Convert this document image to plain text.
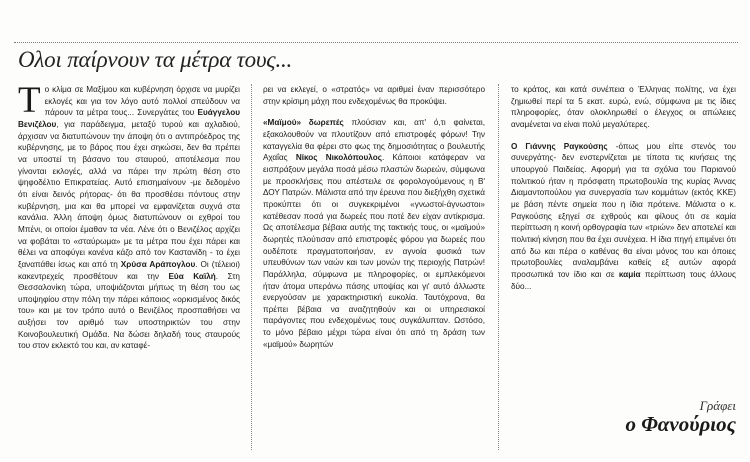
Ολοι παίρνουν τα μέτρα τους...

Το κλίμα σε Μαξίμου και κυβέρνηση όρχισε να μυρίζει εκλογές και για τον λόγο αυτό πολλοί σπεύδουν να πάρουν τα μέτρα τους... Συνεργάτες του Ευάγγελου Βενιζέλου, για παράδειγμα, μεταξύ τυρού και αχλαδιού, άρχισαν να διατυπώνουν την άποψη ότι ο αντιπρόεδρος της κυβέρνησης, με το βάρος που έχει σηκώσει, δεν θα πρέπει να υποστεί τη βάσανο του σταυρού, αποτέλεσμα που γίνονται εκλογές, αλλά να πάρει την πρώτη θέση στο ψηφοδέλτιο Επικρατείας. Αυτό επισημαίνουν -με δεδομένο ότι είναι δεινός ρήτορας- ότι θα προσθέσει πόντους στην κυβέρνηση, μια και θα μπορεί να εμφανίζεται συχνά στα κανάλια. Άλλη άποψη όμως διατυπώνουν οι εχθροί του Μπένι, οι οποίοι έμαθαν τα νέα. Λένε ότι ο Βενιζέλος αρχίζει να φοβάται το «σταύρωμα» με τα μέτρα που έχει πάρει και θέλει να αποφύγει κανένα κάζο από τον Καστανίδη - το έχει ξαναπάθει ίσως και από τη Χρύσα Αράπογλου. Οι (τέλειοι) κακεντρεχείς προσθέτουν και την Εύα Καϊλή. Στη Θεσσαλονίκη τώρα, υποψιάζονται μήπως τη θέση του ως υποψηφίου στην πόλη την πάρει κάποιος «ορκισμένος δικός του» και με τον τρόπο αυτό ο Βενιζέλος προσπαθήσει να αυξήσει τον αριθμό των υποστηρικτών του στην Κοινοβουλευτική Ομάδα. Να δώσει δηλαδή τους σταυρούς του στον εκλεκτό του και, αν καταφέ-

ρει να εκλεγεί, ο «στρατός» να αριθμεί έναν περισσότερο στην κρίσιμη μάχη που ενδεχομένως θα προκύψει.

«Μαϊμού» δωρεπές πλούσιαν και, απ' ό,τι φαίνεται, εξακολουθούν να πλουτίζουν από επιστροφές φόρων! Την καταγγελία θα φέρει στο φως της δημοσιότητας ο βουλευτής Αχαΐας Νίκος Νικολόπουλος. Κάποιοι κατάφεραν να εισπράξουν μεγάλα ποσά μέσω πλαστών δωρεών, σύμφωνα με προσκλήσεις που απέστειλε σε φορολογούμενους η Β' ΔΟΥ Πατρών. Μάλιστα από την έρευνα που διεξήχθη σχετικά προκύπτει ότι οι συγκεκριμένοι «γνωστοί-άγνωστοι» κατέθεσαν ποσά για δωρεές που ποτέ δεν είχαν αντίκρισμα. Ως αποτέλεσμα βέβαια αυτής της τακτικής τους, οι «μαϊμού» δωρητές πλούτισαν από επιστροφές φόρου για δωρεές που ουδέποτε πραγματοποιήσαν, εν αγνοία φυσικά των υπευθύνων των ναών και των μονών της περιοχής Πατρών! Παράλληλα, σύμφωνα με πληροφορίες, οι εμπλεκόμενοι ήταν άτομα υπεράνω πάσης υποψίας και γι' αυτό άλλωστε ενεργούσαν με χαρακτηριστική ευκολία. Ταυτόχρονα, θα πρέπει βέβαια να αναζητηθούν και οι υπηρεσιακοί παράγοντες που ενδεχομένως τους συγκάλυπταν. Ωστόσο, το μόνο βέβαιο μέχρι τώρα είναι ότι από τη δράση των «μαϊμού» δωρητών

το κράτος, και κατά συνέπεια ο Έλληνας πολίτης, να έχει ζημιωθεί περί τα 5 εκατ. ευρώ, ενώ, σύμφωνα με τις ίδιες πληροφορίες, όταν ολοκληρωθεί ο έλεγχος οι απώλειες αναμένεται να είναι πολύ μεγαλύτερες.

Ο Γιάννης Ραγκούσης -όπως μου είπε στενός του συνεργάτης- δεν ενστερνίζεται με τίποτα τις κινήσεις της υπουργού Παιδείας. Αφορμή για τα σχόλια του Παριανού πολιτικού ήταν η πρόσφατη πρωτοβουλία της κυρίας Άννας Διαμαντοπούλου για συνεργασία των κομμάτων (εκτός ΚΚΕ) με βάση πέντε σημεία που η ίδια πρότεινε. Μάλιστα ο κ. Ραγκούσης εξηγεί σε εχθρούς και φίλους ότι σε καμία περίπτωση η κοινή ορθογραφία των «τριών» δεν αποτελεί και πολιτική κίνηση που θα έχει συνέχεια. Η ίδια πηγή επιμένει ότι από δω και πέρα ο καθένας θα είναι μόνος του και όποιες πρωτοβουλίες αναλαμβάνει καθείς εξ αυτών αφορά προσωπικά τον ίδιο και σε καμία περίπτωση τους άλλους δύο...

Γράφει
ο Φανούριος
